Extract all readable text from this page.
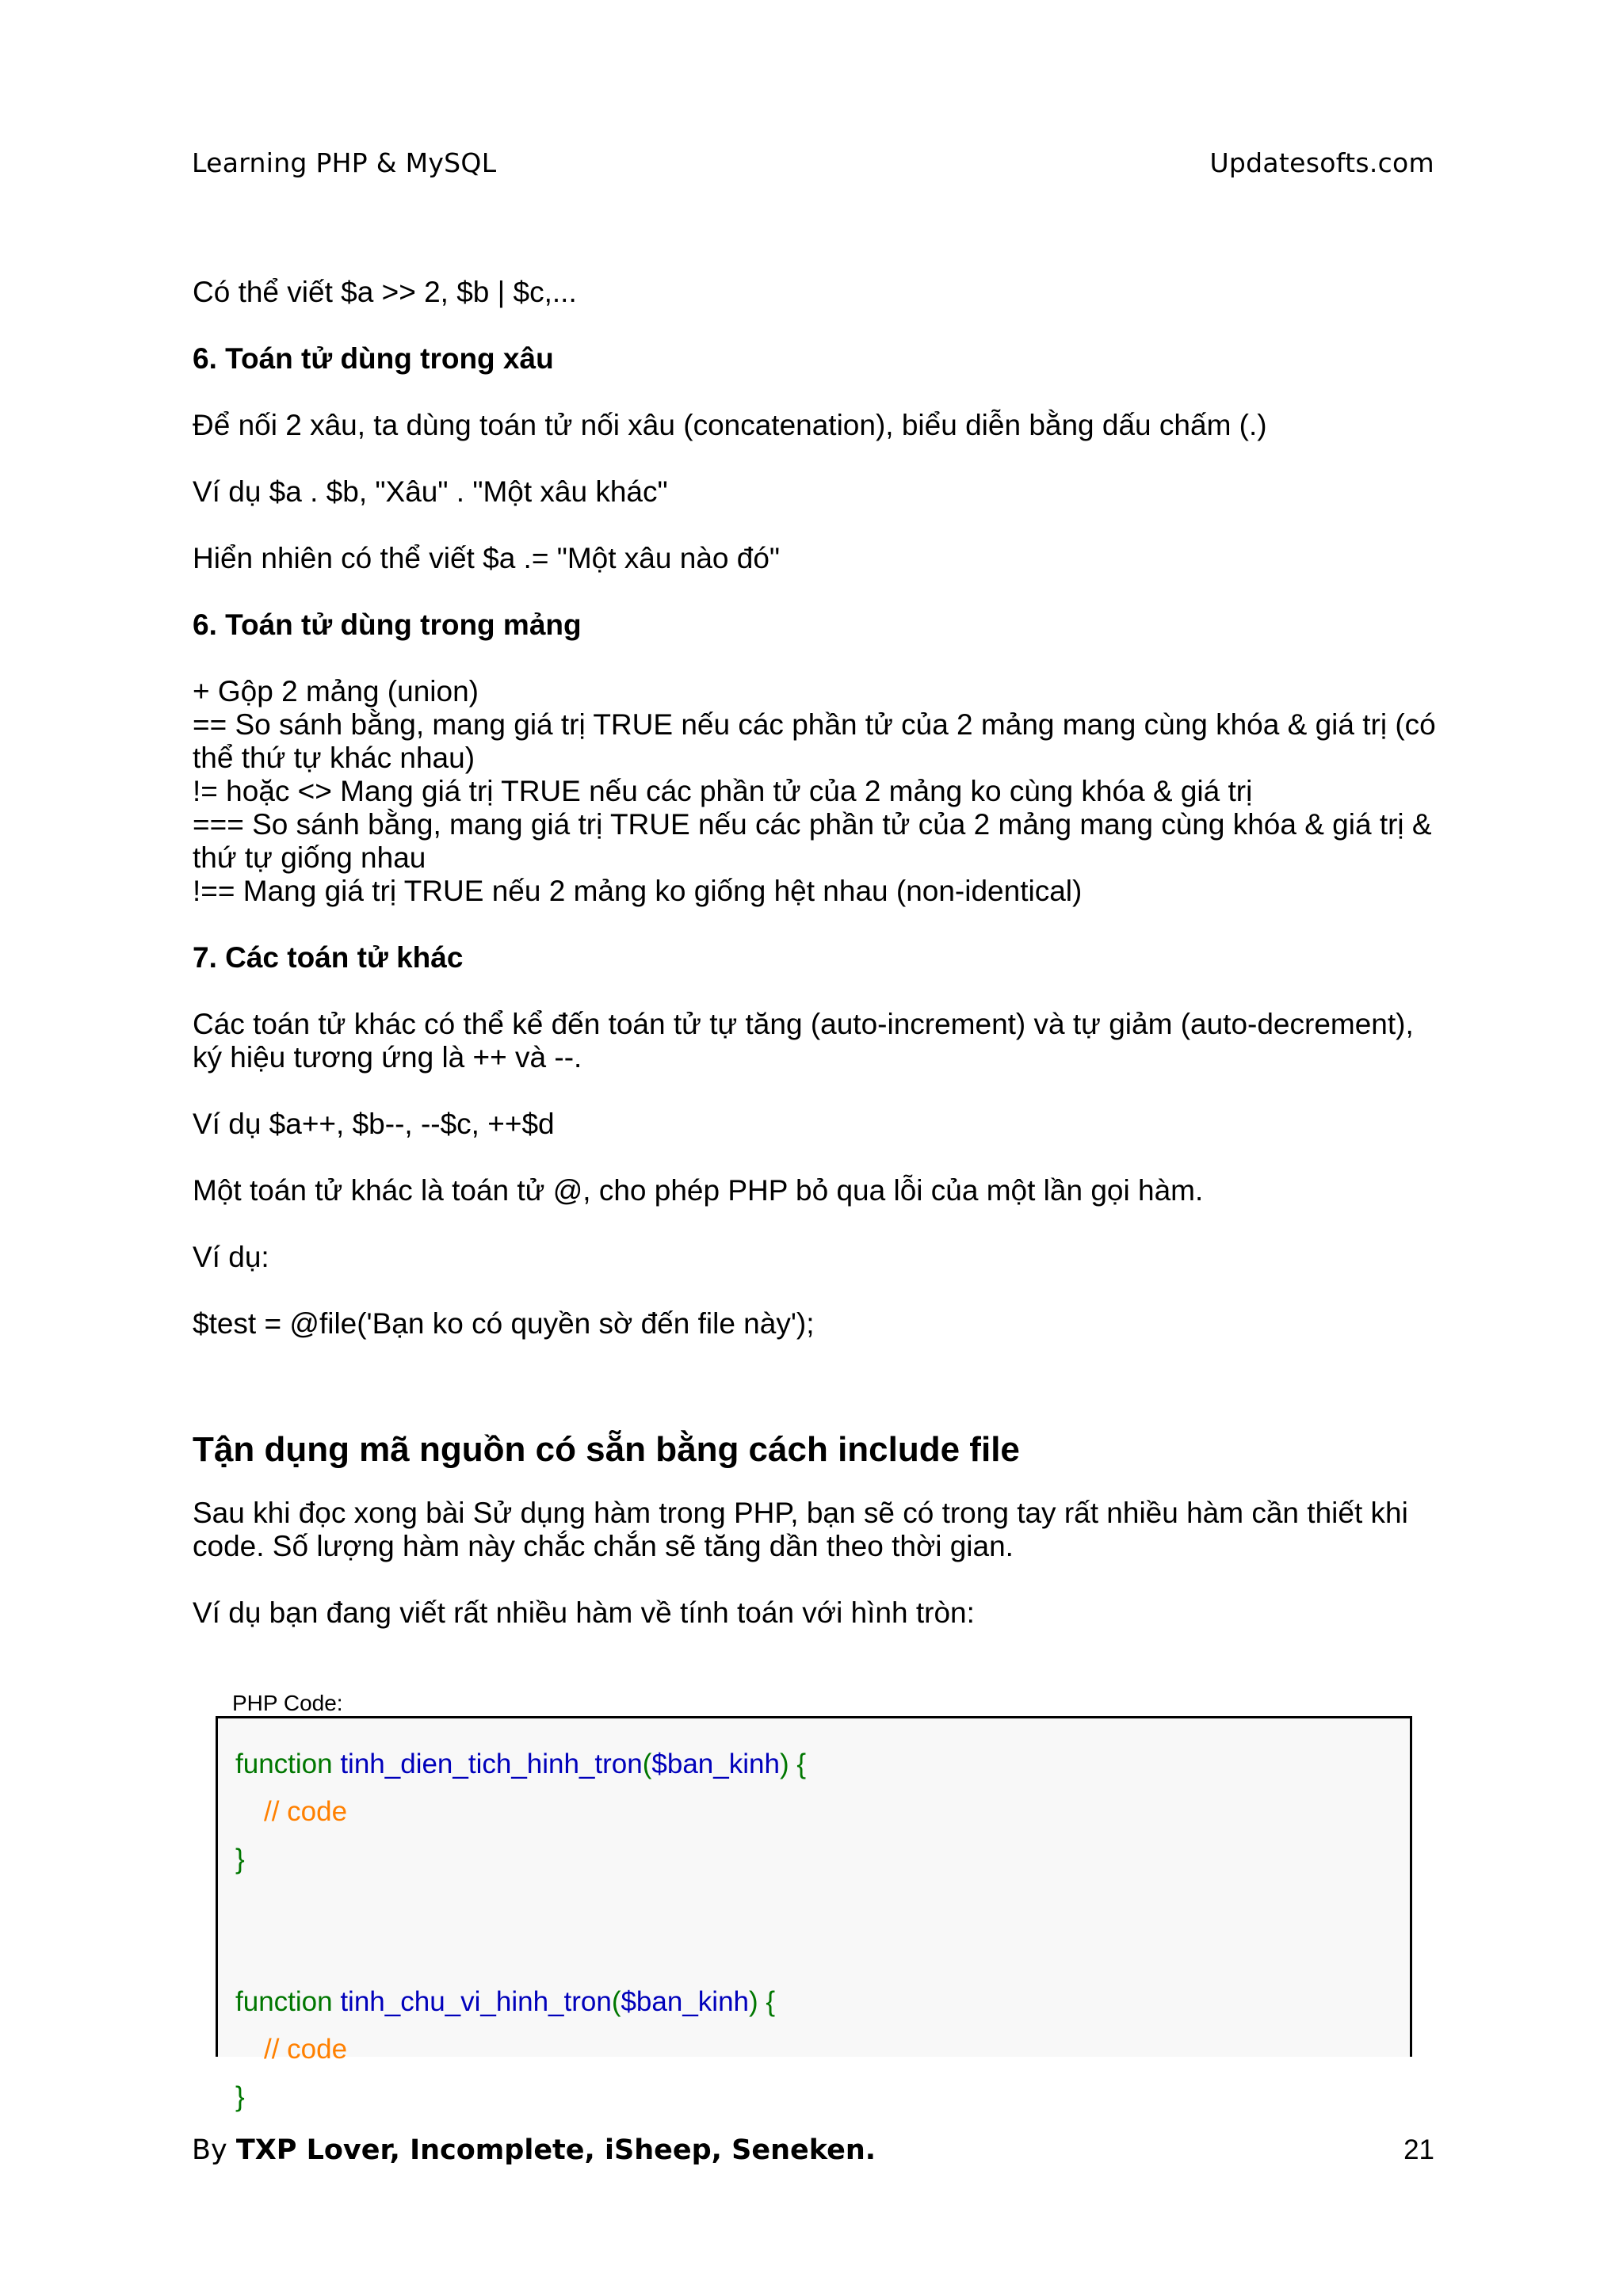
Learning PHP & MySQL	Updatesofts.com

Có thể viết $a >> 2, $b | $c,...

6. Toán tử dùng trong xâu

Để nối 2 xâu, ta dùng toán tử nối xâu (concatenation), biểu diễn bằng dấu chấm (.)

Ví dụ $a . $b, "Xâu" . "Một xâu khác"

Hiển nhiên có thể viết $a .= "Một xâu nào đó"

6. Toán tử dùng trong mảng

+ Gộp 2 mảng (union)

== So sánh bằng, mang giá trị TRUE nếu các phần tử của 2 mảng mang cùng khóa & giá trị (có

thể thứ tự khác nhau)

!= hoặc <> Mang giá trị TRUE nếu các phần tử của 2 mảng ko cùng khóa & giá trị

=== So sánh bằng, mang giá trị TRUE nếu các phần tử của 2 mảng mang cùng khóa & giá trị &

thứ tự giống nhau

!== Mang giá trị TRUE nếu 2 mảng ko giống hệt nhau (non-identical)

7. Các toán tử khác

Các toán tử khác có thể kể đến toán tử tự tăng (auto-increment) và tự giảm (auto-decrement),

ký hiệu tương ứng là ++ và --.

Ví dụ $a++, $b--, --$c, ++$d

Một toán tử khác là toán tử @, cho phép PHP bỏ qua lỗi của một lần gọi hàm.

Ví dụ:

$test = @file('Bạn ko có quyền sờ đến file này');

Tận dụng mã nguồn có sẵn bằng cách include file

Sau khi đọc xong bài Sử dụng hàm trong PHP, bạn sẽ có trong tay rất nhiều hàm cần thiết khi

code. Số lượng hàm này chắc chắn sẽ tăng dần theo thời gian.

Ví dụ bạn đang viết rất nhiều hàm về tính toán với hình tròn:

PHP Code:
function tinh_dien_tich_hinh_tron($ban_kinh) {
// code
}
function tinh_chu_vi_hinh_tron($ban_kinh) {
// code
}
By TXP Lover, Incomplete, iSheep, Seneken.	21
